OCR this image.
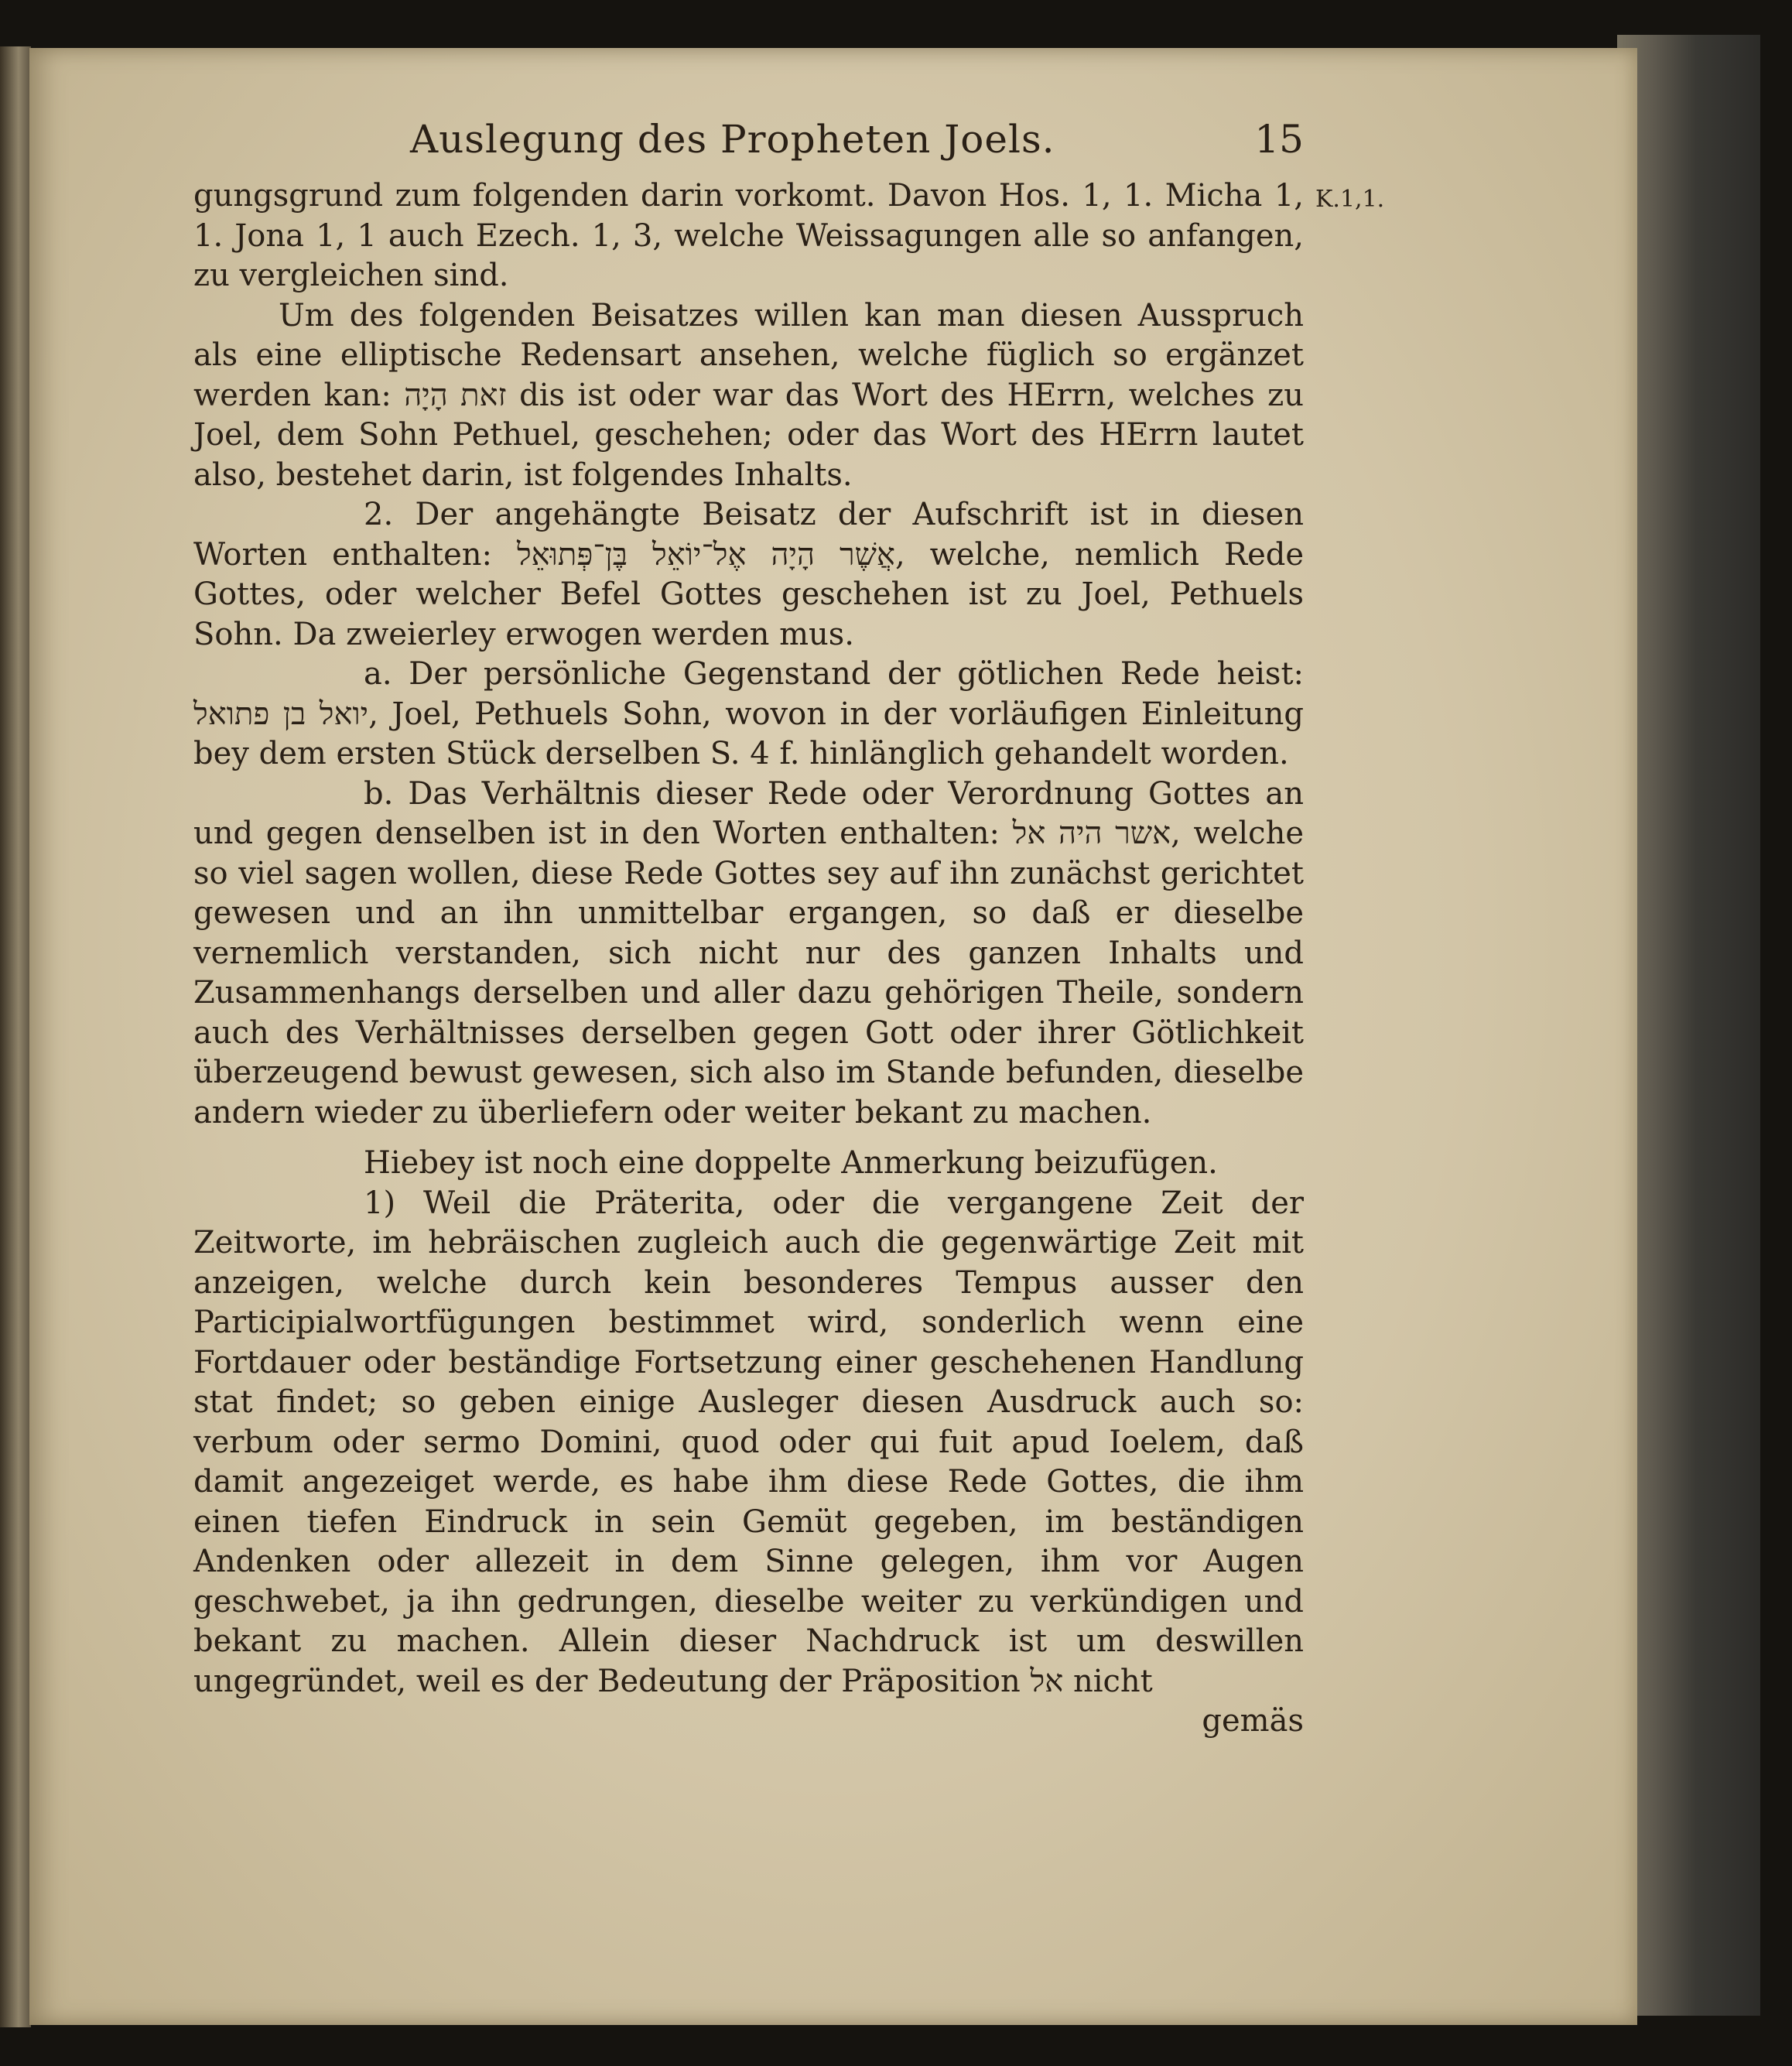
K.1,1.
Auslegung des Propheten Joels.	15

gungsgrund zum folgenden darin vorkomt. Davon Hos. 1, 1. Micha 1, 1. Jona 1, 1 auch Ezech. 1, 3, welche Weissagungen alle so anfangen, zu vergleichen sind.

Um des folgenden Beisatzes willen kan man diesen Ausspruch als eine elliptische Redensart ansehen, welche füglich so ergänzet werden kan: זאת הָיָה dis ist oder war das Wort des HErrn, welches zu Joel, dem Sohn Pethuel, geschehen; oder das Wort des HErrn lautet also, bestehet darin, ist folgendes Inhalts.

2. Der angehängte Beisatz der Aufschrift ist in diesen Worten enthalten: אֲשֶׁר הָיָה אֶל־יוֹאֵל בֶּן־פְּתוּאֵל, welche, nemlich Rede Gottes, oder welcher Befel Gottes geschehen ist zu Joel, Pethuels Sohn. Da zweierley erwogen werden mus.

a. Der persönliche Gegenstand der götlichen Rede heist: יואל בן פתואל, Joel, Pethuels Sohn, wovon in der vorläufigen Einleitung bey dem ersten Stück derselben S. 4 f. hinlänglich gehandelt worden.

b. Das Verhältnis dieser Rede oder Verordnung Gottes an und gegen denselben ist in den Worten enthalten: אשר היה אל, welche so viel sagen wollen, diese Rede Gottes sey auf ihn zunächst gerichtet gewesen und an ihn unmittelbar ergangen, so daß er dieselbe vernemlich verstanden, sich nicht nur des ganzen Inhalts und Zusammenhangs derselben und aller dazu gehörigen Theile, sondern auch des Verhältnisses derselben gegen Gott oder ihrer Götlichkeit überzeugend bewust gewesen, sich also im Stande befunden, dieselbe andern wieder zu überliefern oder weiter bekant zu machen.

Hiebey ist noch eine doppelte Anmerkung beizufügen.

1) Weil die Präterita, oder die vergangene Zeit der Zeitworte, im hebräischen zugleich auch die gegenwärtige Zeit mit anzeigen, welche durch kein besonderes Tempus ausser den Participialwortfügungen bestimmet wird, sonderlich wenn eine Fortdauer oder beständige Fortsetzung einer geschehenen Handlung stat findet; so geben einige Ausleger diesen Ausdruck auch so: verbum oder sermo Domini, quod oder qui fuit apud Ioelem, daß damit angezeiget werde, es habe ihm diese Rede Gottes, die ihm einen tiefen Eindruck in sein Gemüt gegeben, im beständigen Andenken oder allezeit in dem Sinne gelegen, ihm vor Augen geschwebet, ja ihn gedrungen, dieselbe weiter zu verkündigen und bekant zu machen. Allein dieser Nachdruck ist um deswillen ungegründet, weil es der Bedeutung der Präposition אל nicht

gemäs
